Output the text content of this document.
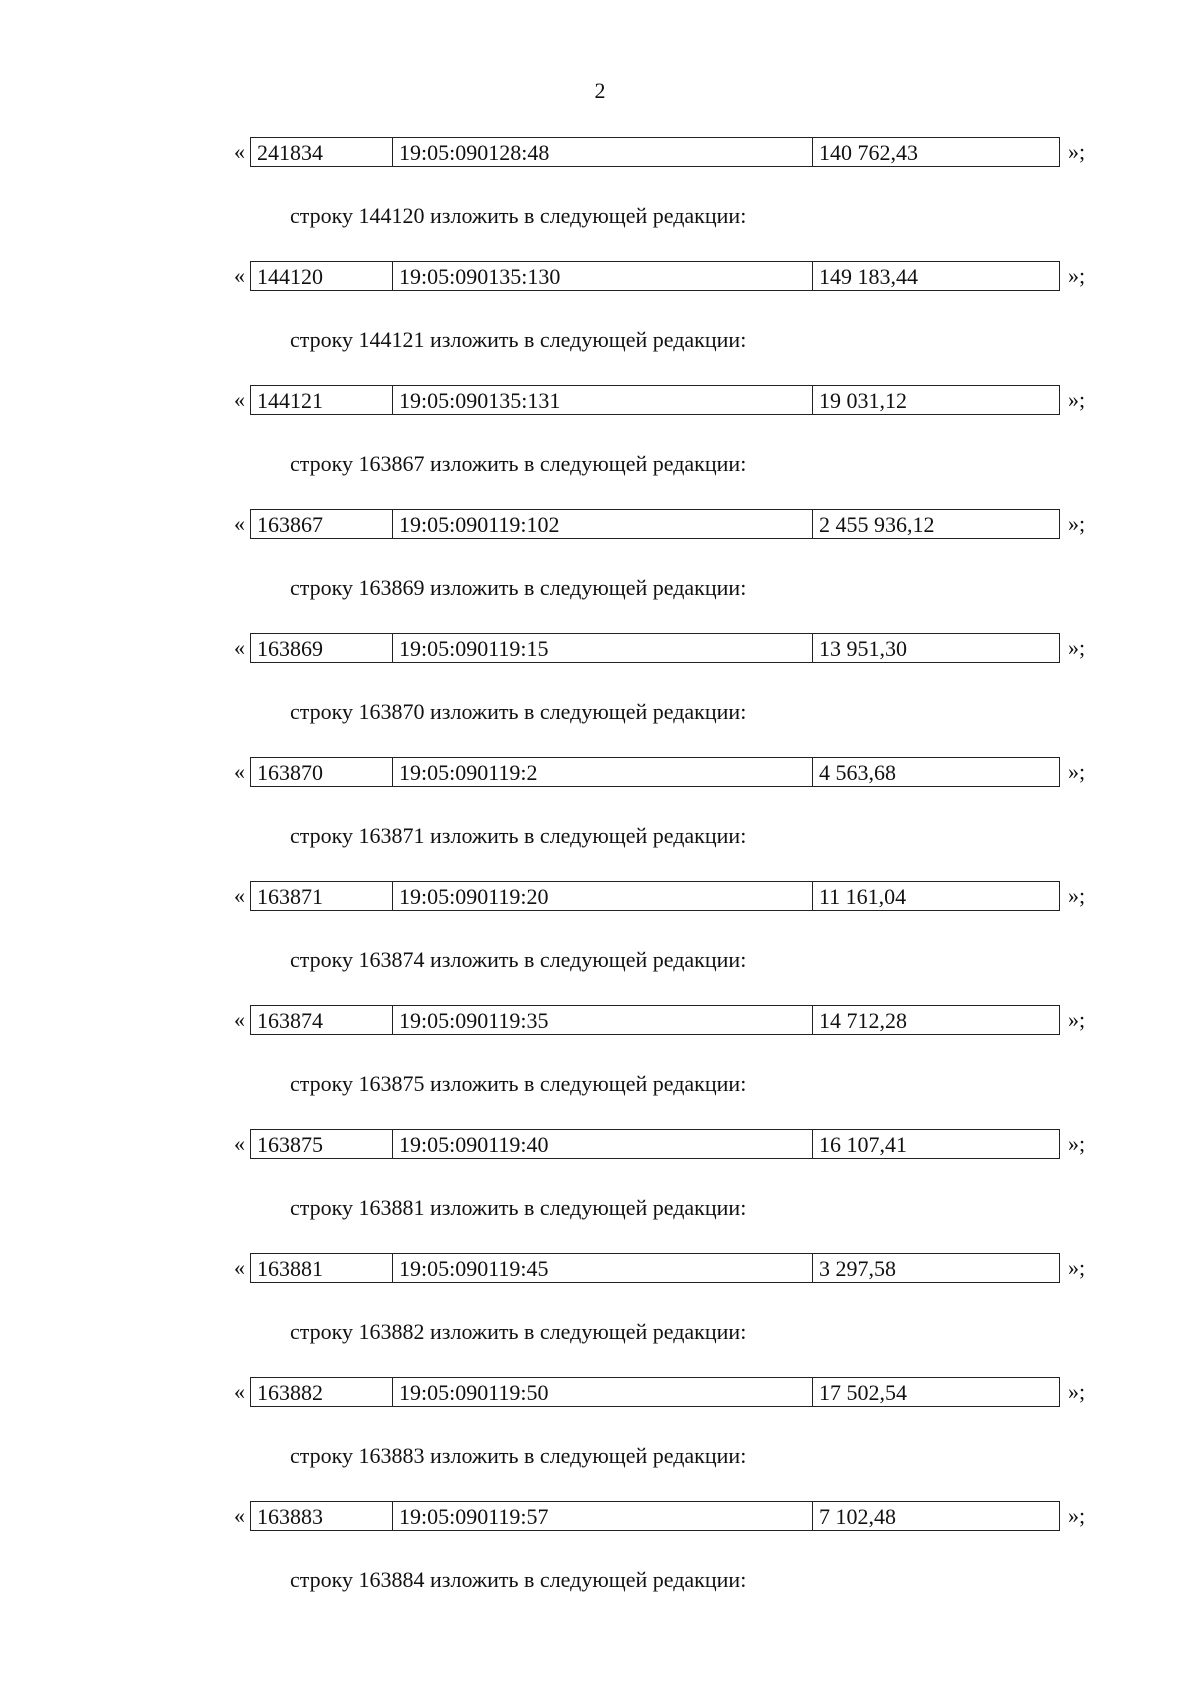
2
« 241834	19:05:090128:48	140 762,43	»;
строку 144120 изложить в следующей редакции:
« 144120	19:05:090135:130	149 183,44	»;
строку 144121 изложить в следующей редакции:
« 144121	19:05:090135:131	19 031,12	»;
строку 163867 изложить в следующей редакции:
« 163867	19:05:090119:102	2 455 936,12	»;
строку 163869 изложить в следующей редакции:
« 163869	19:05:090119:15	13 951,30	»;
строку 163870 изложить в следующей редакции:
« 163870	19:05:090119:2	4 563,68	»;
строку 163871 изложить в следующей редакции:
« 163871	19:05:090119:20	11 161,04	»;
строку 163874 изложить в следующей редакции:
« 163874	19:05:090119:35	14 712,28	»;
строку 163875 изложить в следующей редакции:
« 163875	19:05:090119:40	16 107,41	»;
строку 163881 изложить в следующей редакции:
« 163881	19:05:090119:45	3 297,58	»;
строку 163882 изложить в следующей редакции:
« 163882	19:05:090119:50	17 502,54	»;
строку 163883 изложить в следующей редакции:
« 163883	19:05:090119:57	7 102,48	»;
строку 163884 изложить в следующей редакции:
